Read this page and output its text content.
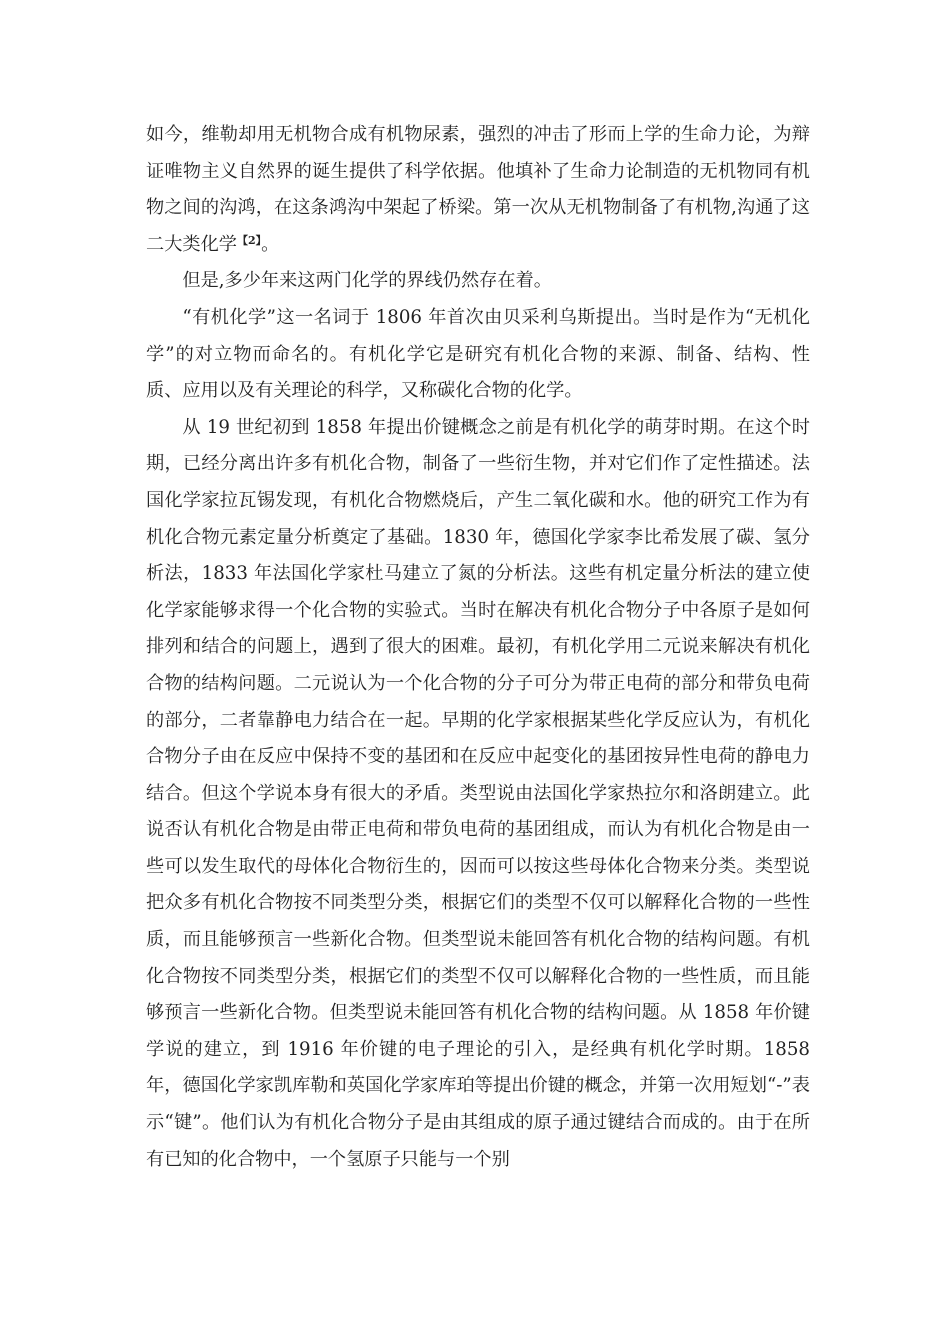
如今，维勒却用无机物合成有机物尿素，强烈的冲击了形而上学的生命力论，为辩证唯物主义自然界的诞生提供了科学依据。他填补了生命力论制造的无机物同有机物之间的沟鸿，在这条鸿沟中架起了桥梁。第一次从无机物制备了有机物,沟通了这二大类化学$^{【2】}$。

但是,多少年来这两门化学的界线仍然存在着。

“有机化学”这一名词于 1806 年首次由贝采利乌斯提出。当时是作为“无机化学”的对立物而命名的。有机化学它是研究有机化合物的来源、制备、结构、性质、应用以及有关理论的科学，又称碳化合物的化学。

从 19 世纪初到 1858 年提出价键概念之前是有机化学的萌芽时期。在这个时期，已经分离出许多有机化合物，制备了一些衍生物，并对它们作了定性描述。法国化学家拉瓦锡发现，有机化合物燃烧后，产生二氧化碳和水。他的研究工作为有机化合物元素定量分析奠定了基础。1830 年，德国化学家李比希发展了碳、氢分析法，1833 年法国化学家杜马建立了氮的分析法。这些有机定量分析法的建立使化学家能够求得一个化合物的实验式。当时在解决有机化合物分子中各原子是如何排列和结合的问题上，遇到了很大的困难。最初，有机化学用二元说来解决有机化合物的结构问题。二元说认为一个化合物的分子可分为带正电荷的部分和带负电荷的部分，二者靠静电力结合在一起。早期的化学家根据某些化学反应认为，有机化合物分子由在反应中保持不变的基团和在反应中起变化的基团按异性电荷的静电力结合。但这个学说本身有很大的矛盾。类型说由法国化学家热拉尔和洛朗建立。此说否认有机化合物是由带正电荷和带负电荷的基团组成，而认为有机化合物是由一些可以发生取代的母体化合物衍生的，因而可以按这些母体化合物来分类。类型说把众多有机化合物按不同类型分类，根据它们的类型不仅可以解释化合物的一些性质，而且能够预言一些新化合物。但类型说未能回答有机化合物的结构问题。有机化合物按不同类型分类，根据它们的类型不仅可以解释化合物的一些性质，而且能够预言一些新化合物。但类型说未能回答有机化合物的结构问题。从 1858 年价键学说的建立，到 1916 年价键的电子理论的引入，是经典有机化学时期。1858 年，德国化学家凯库勒和英国化学家库珀等提出价键的概念，并第一次用短划“-”表示“键”。他们认为有机化合物分子是由其组成的原子通过键结合而成的。由于在所有已知的化合物中，一个氢原子只能与一个别
